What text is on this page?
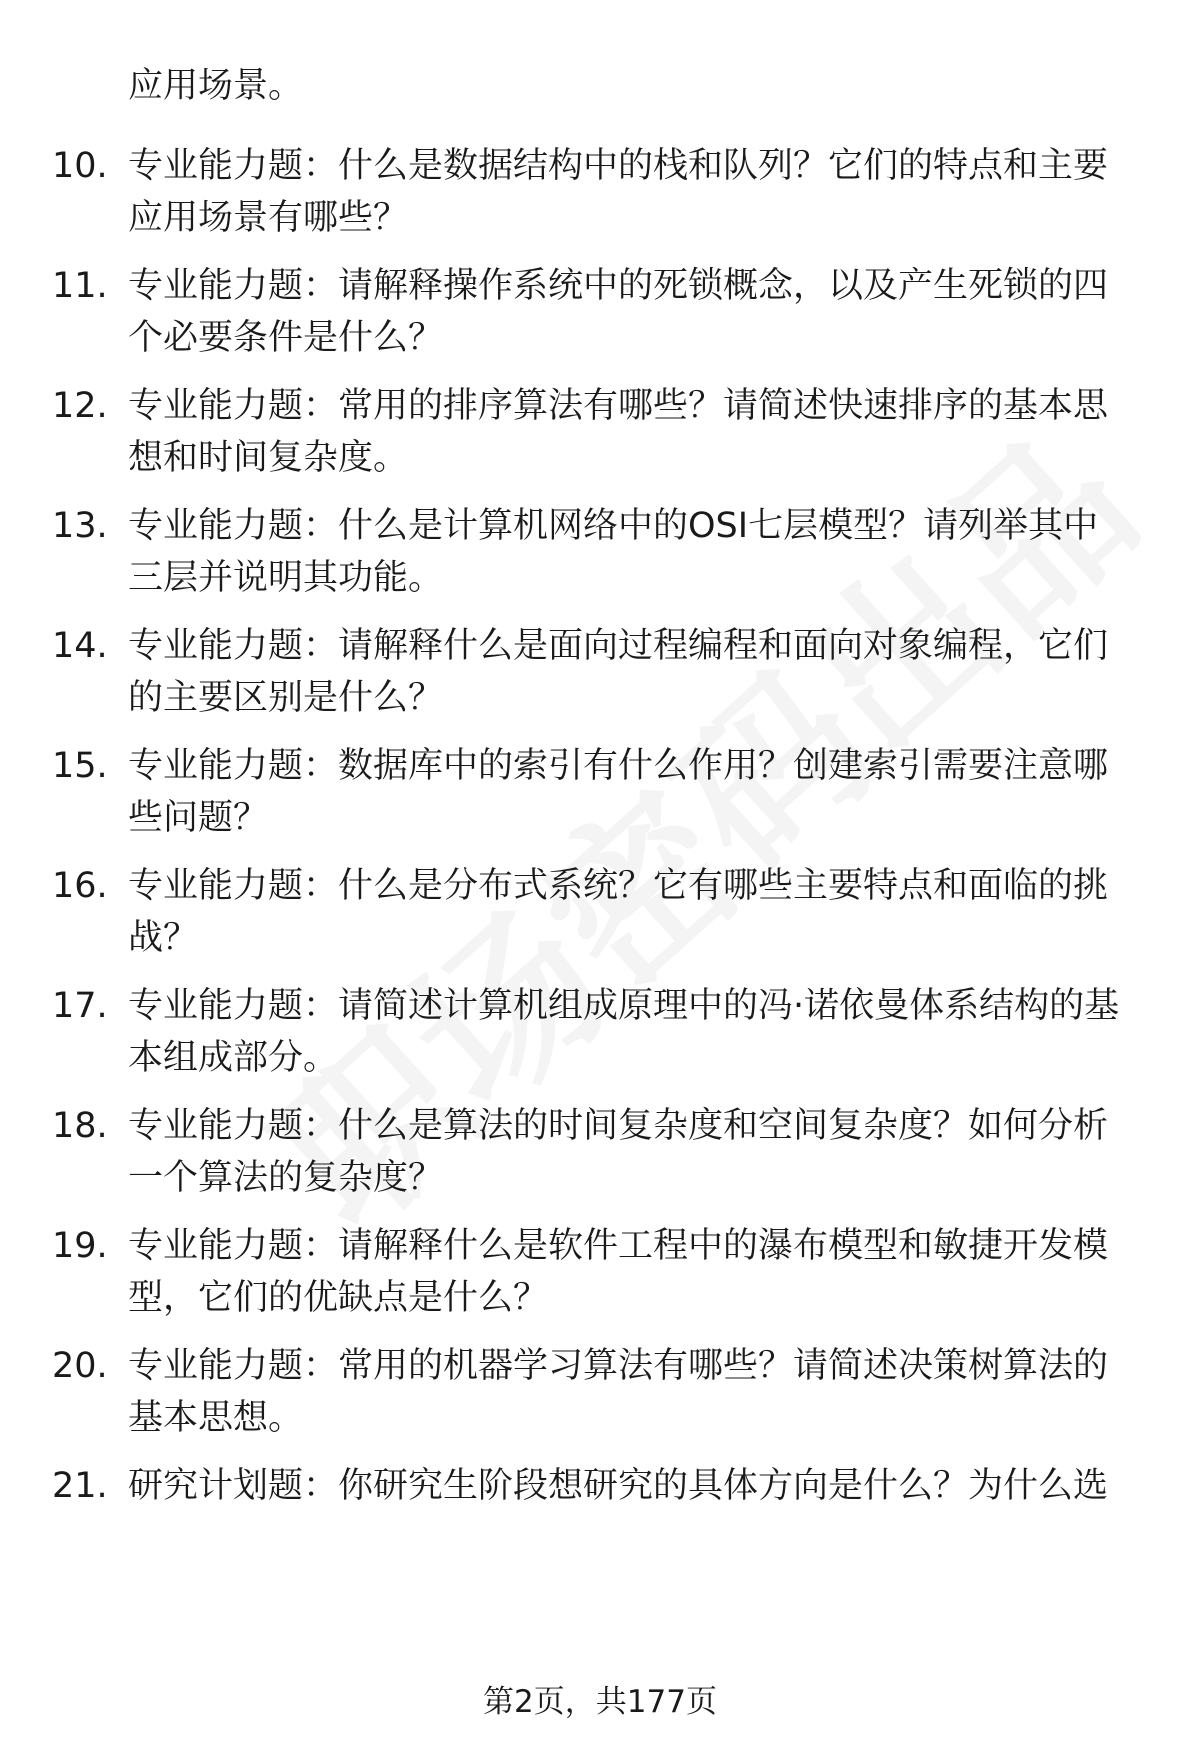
应用场景。
10. 专业能力题：什么是数据结构中的栈和队列？它们的特点和主要
应用场景有哪些？
11. 专业能力题：请解释操作系统中的死锁概念，以及产生死锁的四
个必要条件是什么？
12. 专业能力题：常用的排序算法有哪些？请简述快速排序的基本思
想和时间复杂度。
13. 专业能力题：什么是计算机网络中的OSI七层模型？请列举其中
三层并说明其功能。
14. 专业能力题：请解释什么是面向过程编程和面向对象编程，它们
的主要区别是什么？
15. 专业能力题：数据库中的索引有什么作用？创建索引需要注意哪
些问题？
16. 专业能力题：什么是分布式系统？它有哪些主要特点和面临的挑
战？
17. 专业能力题：请简述计算机组成原理中的冯·诺依曼体系结构的基
本组成部分。
18. 专业能力题：什么是算法的时间复杂度和空间复杂度？如何分析
一个算法的复杂度？
19. 专业能力题：请解释什么是软件工程中的瀑布模型和敏捷开发模
型，它们的优缺点是什么？
20. 专业能力题：常用的机器学习算法有哪些？请简述决策树算法的
基本思想。
21. 研究计划题：你研究生阶段想研究的具体方向是什么？为什么选
第2页，共177页
